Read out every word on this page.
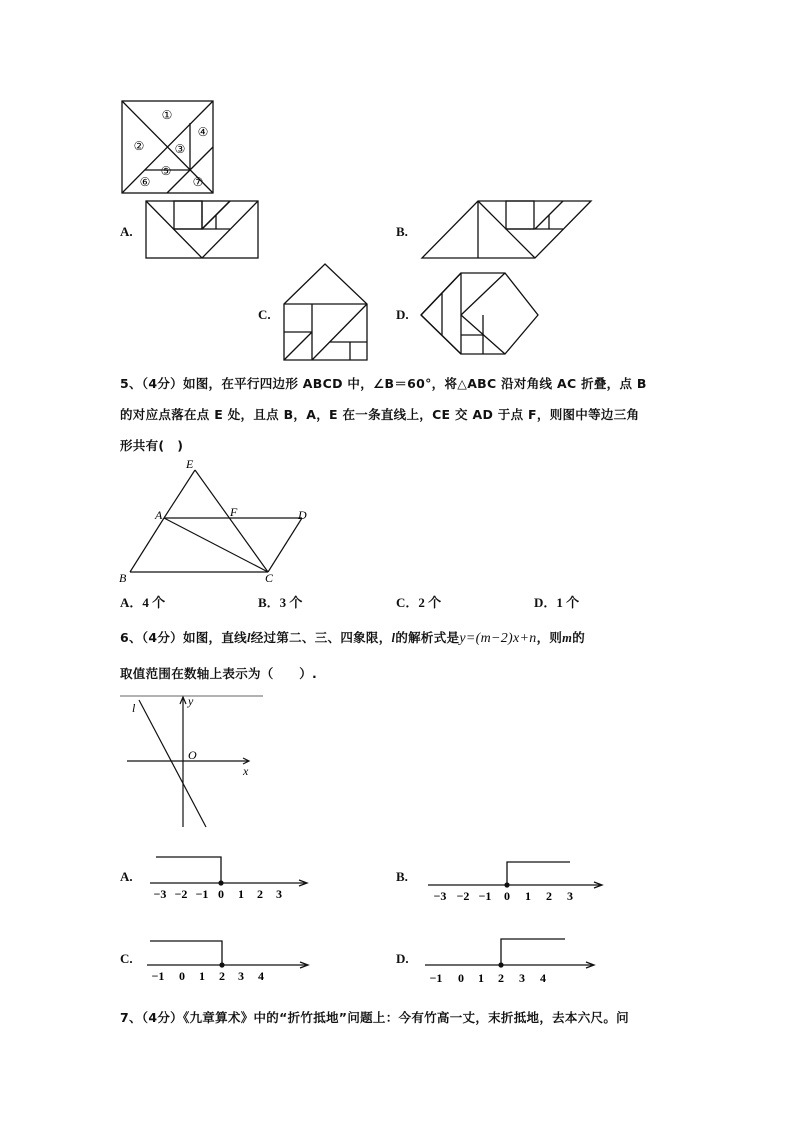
①
②	③
④
⑤
⑥	⑦
A.	B.
C.	D.
5、（4分）如图，在平行四边形 ABCD 中，∠B＝60°，将△ABC 沿对角线 AC 折叠，点 B
的对应点落在点 E 处，且点 B，A，E 在一条直线上，CE 交 AD 于点 F，则图中等边三角
形共有(　)
E
A	F	D
B	C
A．4 个	B．3 个	C．2 个	D．1 个
6、（4分）如图，直线l经过第二、三、四象限，l的解析式是y=(m−2)x+n，则m的
取值范围在数轴上表示为（　　）.
l	y
O
x
−3 −2 −1 0 1 2 3	−3 −2 −1 0 1 2 3
−1 0 1 2 3 4	−1 0 1 2 3 4
A.	B.
C.	D.
7、（4分）《九章算术》中的“折竹抵地”问题上：今有竹高一丈，末折抵地，去本六尺。问
